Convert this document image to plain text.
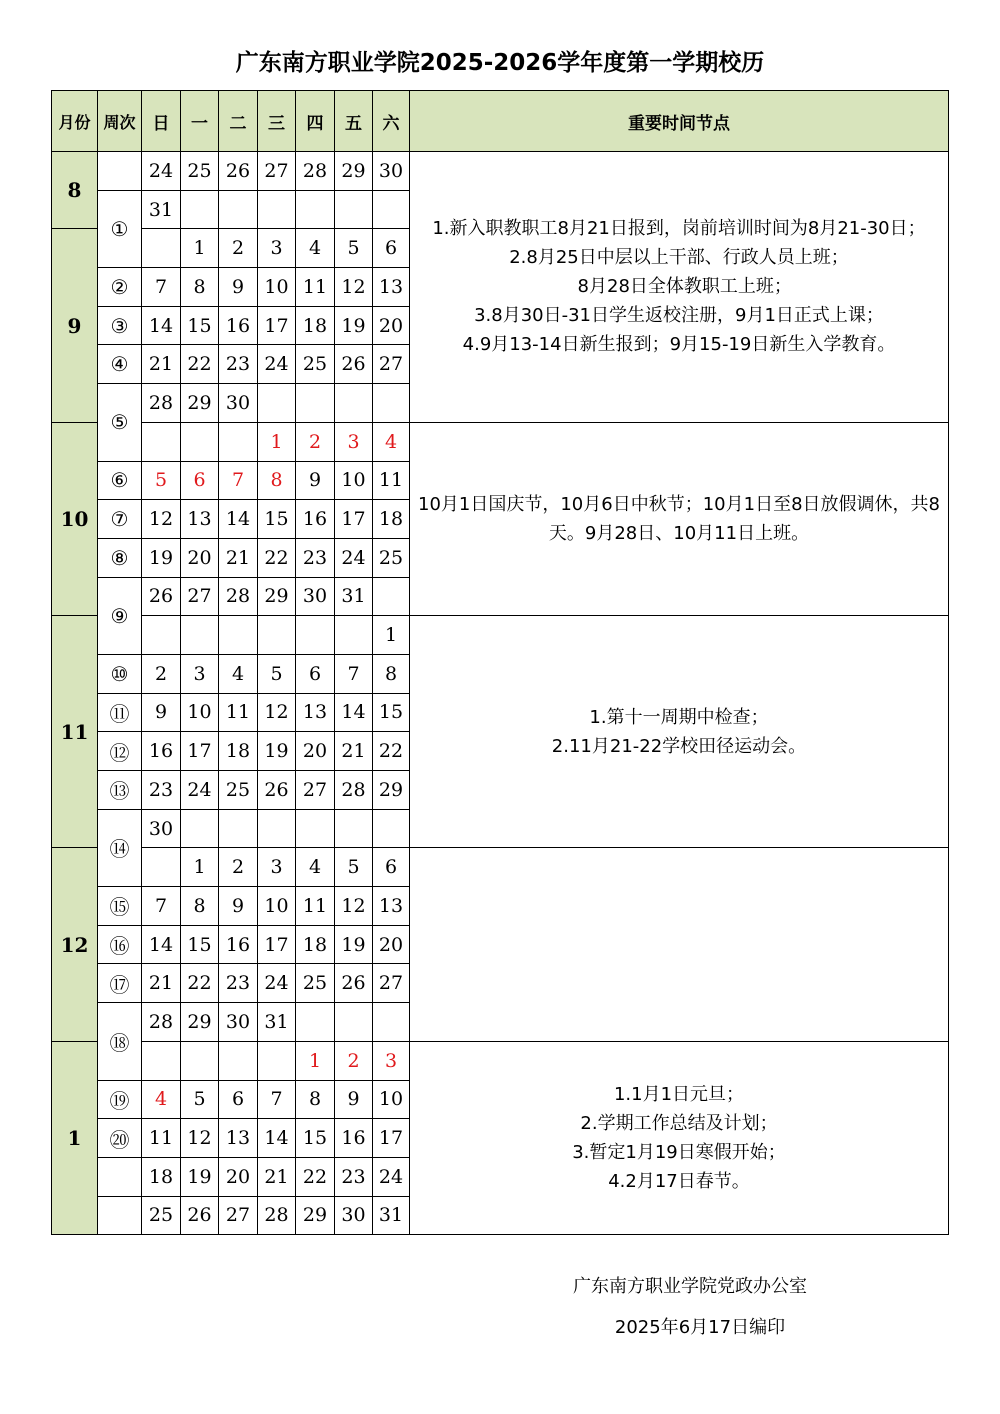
广东南方职业学院2025-2026学年度第一学期校历
月份	周次	日	一	二	三	四	五	六	重要时间节点
8		24	25	26	27	28	29	30	1.新入职教职工8月21日报到，岗前培训时间为8月21-30日；
2.8月25日中层以上干部、行政人员上班；
8月28日全体教职工上班；
3.8月30日-31日学生返校注册，9月1日正式上课；
4.9月13-14日新生报到；9月15-19日新生入学教育。

	①	31							
9			1	2	3	4	5	6	
	②	7	8	9	10	11	12	13	
	③	14	15	16	17	18	19	20	
	④	21	22	23	24	25	26	27	
	⑤	28	29	30					
10					1	2	3	4	10月1日国庆节，10月6日中秋节；10月1日至8日放假调休，共8天。9月28日、10月11日上班。

	⑥	5	6	7	8	9	10	11	
	⑦	12	13	14	15	16	17	18	
	⑧	19	20	21	22	23	24	25	
	⑨	26	27	28	29	30	31		
11								1	1.第十一周期中检查；
2.11月21-22学校田径运动会。

	⑩	2	3	4	5	6	7	8	
	⑪	9	10	11	12	13	14	15	
	⑫	16	17	18	19	20	21	22	
	⑬	23	24	25	26	27	28	29	
	⑭	30							
12			1	2	3	4	5	6	
	⑮	7	8	9	10	11	12	13	
	⑯	14	15	16	17	18	19	20	
	⑰	21	22	23	24	25	26	27	
	⑱	28	29	30	31				
1						1	2	3	1.1月1日元旦；
2.学期工作总结及计划；
3.暂定1月19日寒假开始；
4.2月17日春节。

	⑲	4	5	6	7	8	9	10	
	⑳	11	12	13	14	15	16	17	
		18	19	20	21	22	23	24	
		25	26	27	28	29	30	31	
广东南方职业学院党政办公室
2025年6月17日编印
